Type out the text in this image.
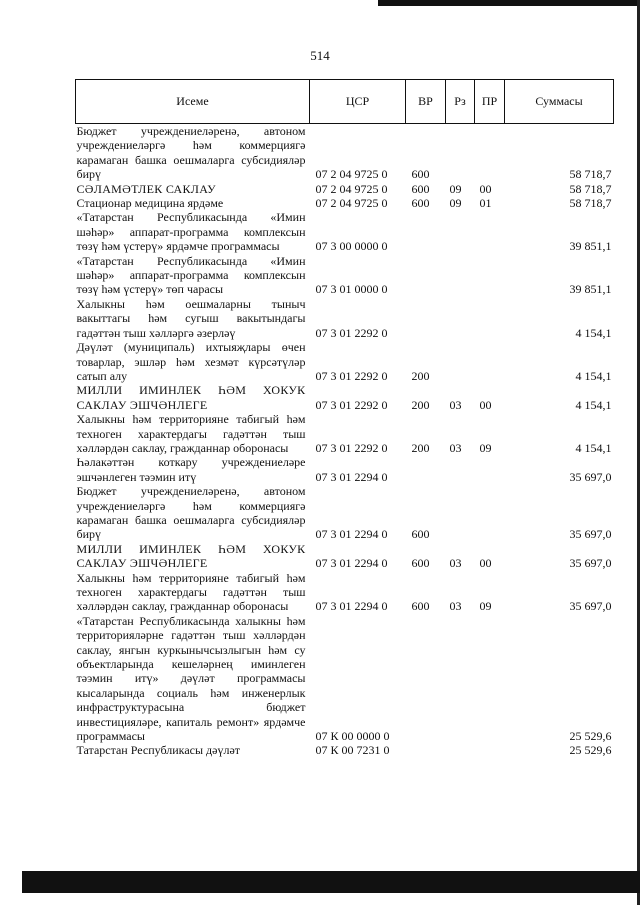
514
Исеме	ЦСР	ВР	Рз	ПР	Суммасы
Бюджет учреждениеләренә, автоном учреждениеләргә һәм коммерциягә карамаган башка оешмаларга субсидияләр бирү	07 2 04 9725 0	600			58 718,7
СӘЛАМӘТЛЕК САКЛАУ	07 2 04 9725 0	600	09	00	58 718,7
Стационар медицина ярдәме	07 2 04 9725 0	600	09	01	58 718,7
«Татарстан Республикасында «Имин шәһәр» аппарат-программа комплексын төзү һәм үстерү» ярдәмче программасы	07 3 00 0000 0				39 851,1
«Татарстан Республикасында «Имин шәһәр» аппарат-программа комплексын төзү һәм үстерү» төп чарасы	07 3 01 0000 0				39 851,1
Халыкны һәм оешмаларны тыныч вакыттагы һәм сугыш вакытындагы гадәттән тыш хәлләргә әзерләү	07 3 01 2292 0				4 154,1
Дәүләт (муниципаль) ихтыяҗлары өчен товарлар, эшләр һәм хезмәт күрсәтүләр сатып алу	07 3 01 2292 0	200			4 154,1
МИЛЛИ ИМИНЛЕК ҺӘМ ХОКУК САКЛАУ ЭШЧӘНЛЕГЕ	07 3 01 2292 0	200	03	00	4 154,1
Халыкны һәм территорияне табигый һәм техноген характердагы гадәттән тыш хәлләрдән саклау, гражданнар оборонасы	07 3 01 2292 0	200	03	09	4 154,1
Һәлакәттән коткару учреждениеләре эшчәнлеген тәэмин итү	07 3 01 2294 0				35 697,0
Бюджет учреждениеләренә, автоном учреждениеләргә һәм коммерциягә карамаган башка оешмаларга субсидияләр бирү	07 3 01 2294 0	600			35 697,0
МИЛЛИ ИМИНЛЕК ҺӘМ ХОКУК САКЛАУ ЭШЧӘНЛЕГЕ	07 3 01 2294 0	600	03	00	35 697,0
Халыкны һәм территорияне табигый һәм техноген характердагы гадәттән тыш хәлләрдән саклау, гражданнар оборонасы	07 3 01 2294 0	600	03	09	35 697,0
«Татарстан Республикасында халыкны һәм территорияләрне гадәттән тыш хәлләрдән саклау, янгын куркынычсызлыгын һәм су объектларында кешеләрнең иминлеген тәэмин итү» дәүләт программасы кысаларында социаль һәм инженерлык инфраструктурасына бюджет инвестицияләре, капиталь ремонт» ярдәмче программасы	07 К 00 0000 0				25 529,6
Татарстан Республикасы дәүләт	07 К 00 7231 0				25 529,6
